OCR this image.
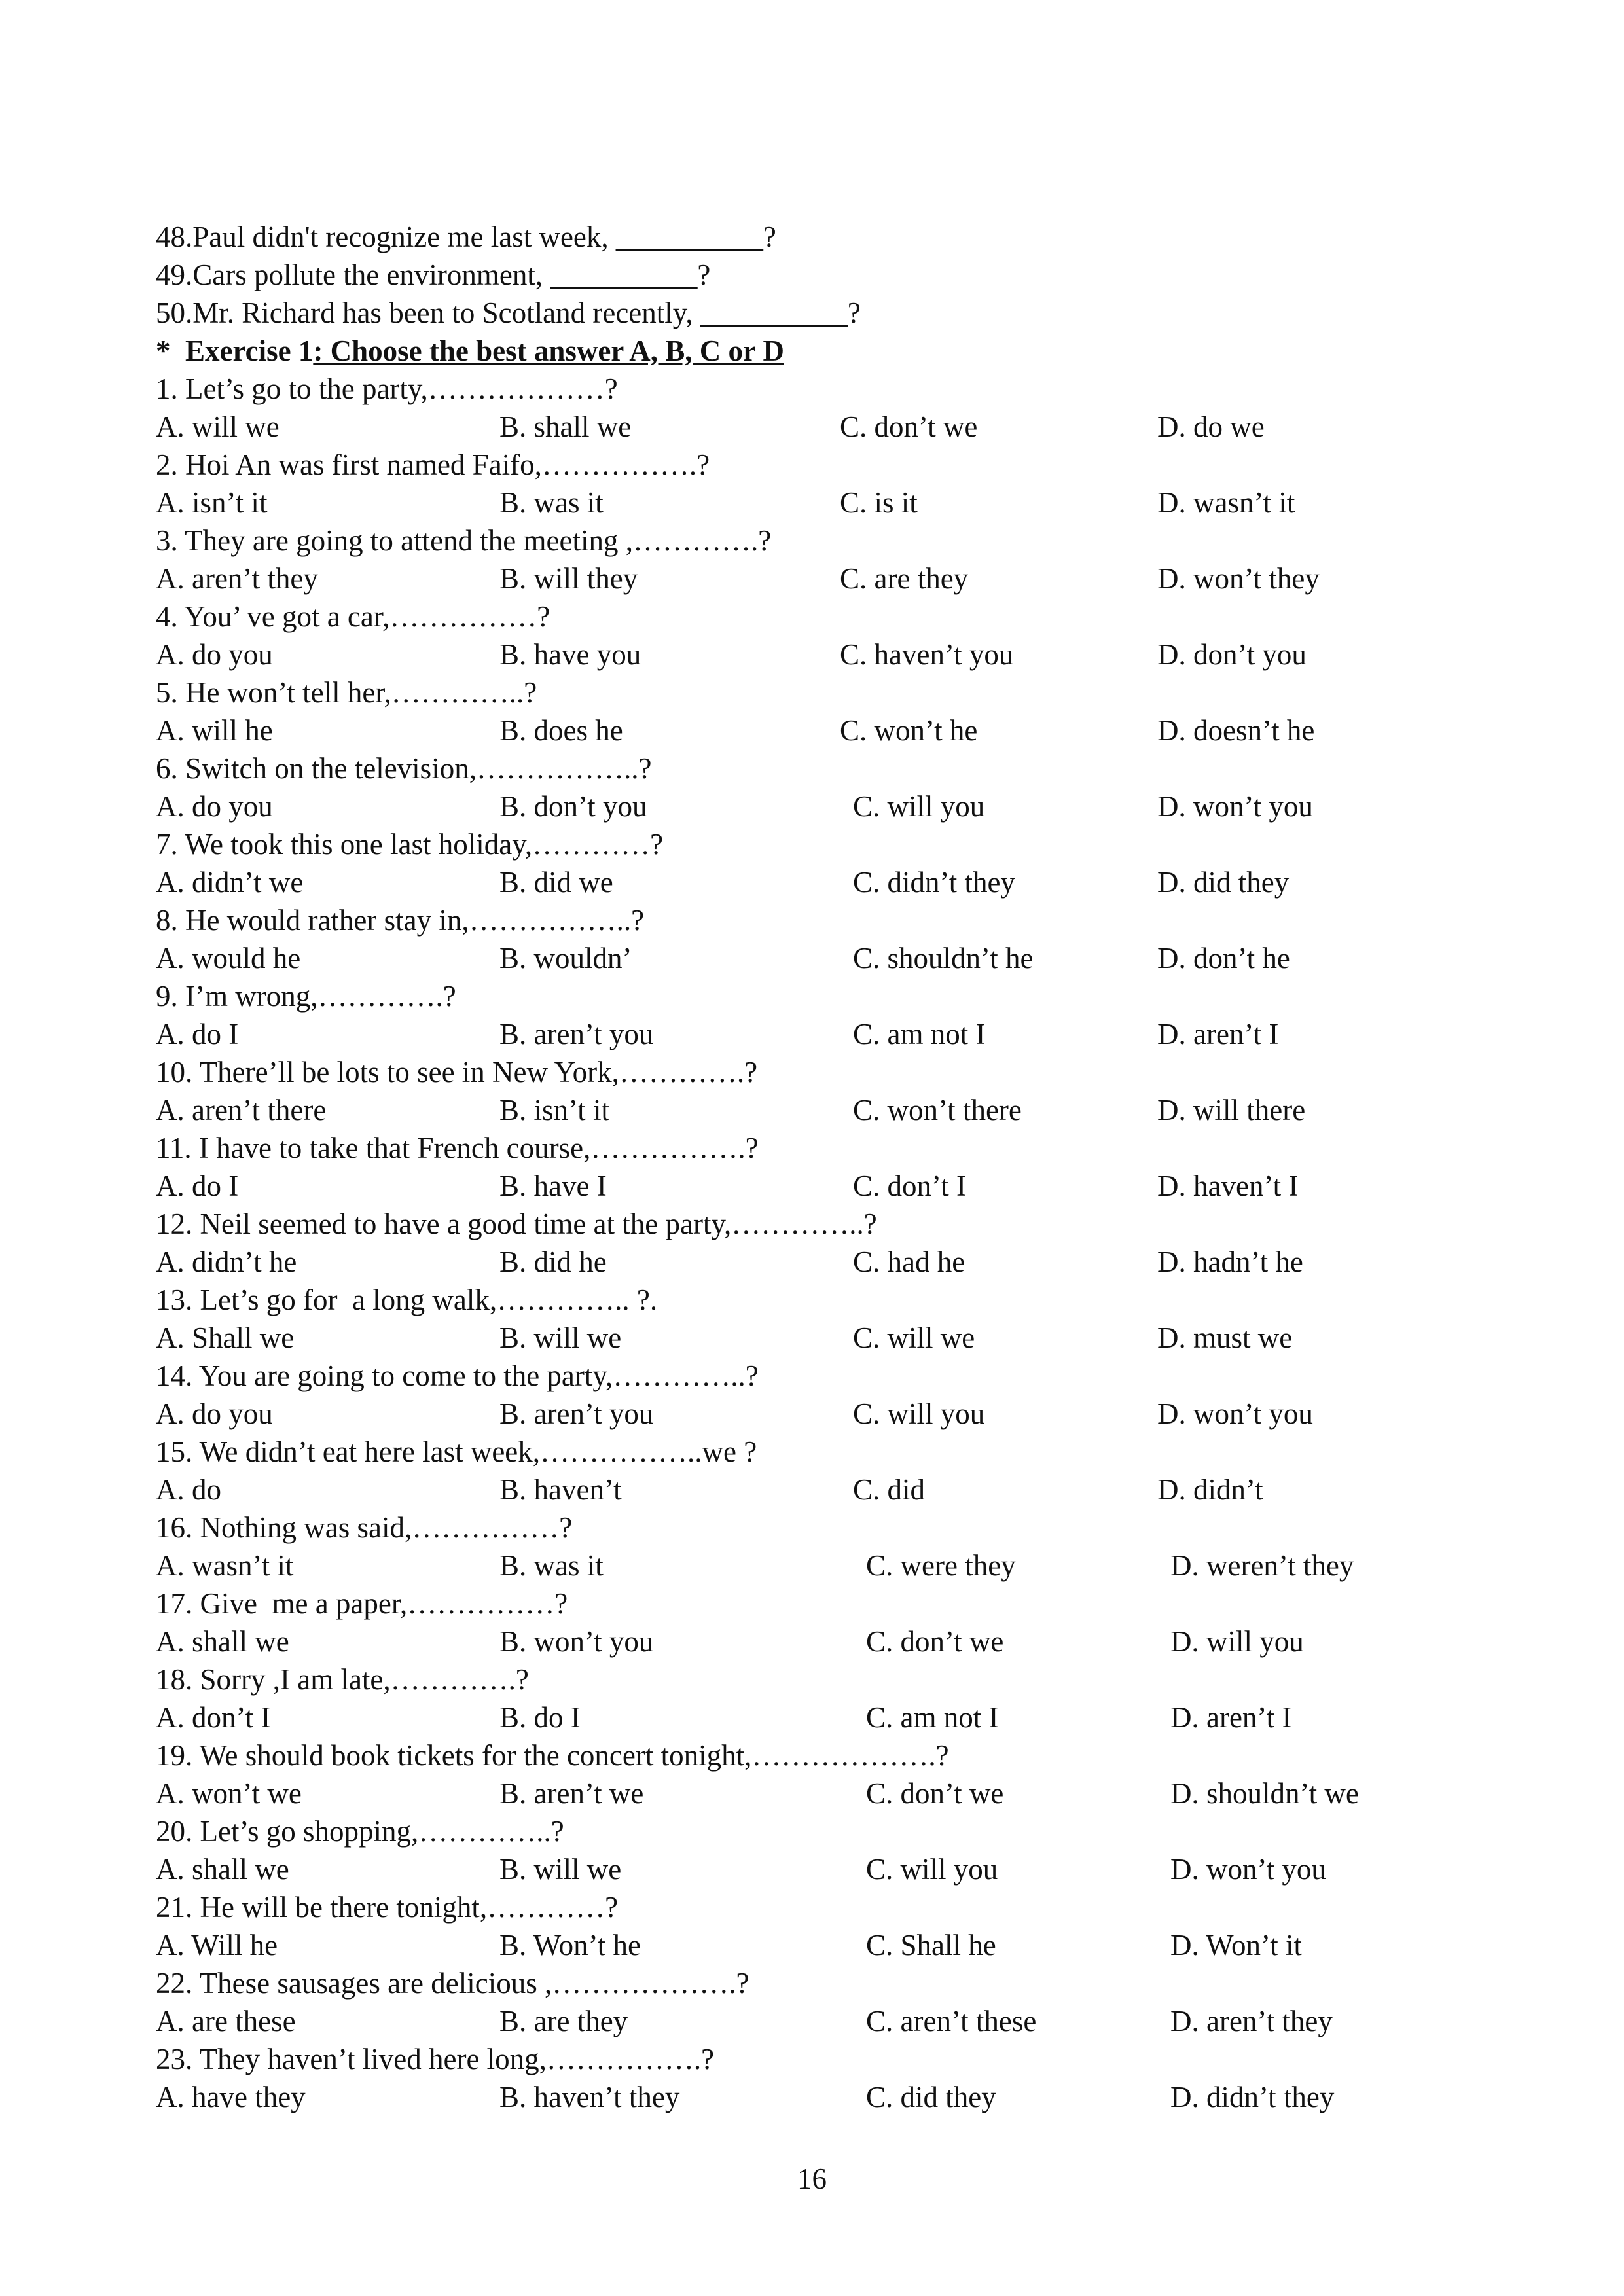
48.Paul didn't recognize me last week, __________?
49.Cars pollute the environment, __________?
50.Mr. Richard has been to Scotland recently, __________?
*  Exercise 1: Choose the best answer A, B, C or D
1. Let’s go to the party,………………?
A. will we	B. shall we	C. don’t we	D. do we
2. Hoi An was first named Faifo,…………….?
A. isn’t it	B. was it	C. is it	D. wasn’t it
3. They are going to attend the meeting ,………….?
A. aren’t they	B. will they	C. are they	D. won’t they
4. You’ ve got a car,……………?
A. do you	B. have you	C. haven’t you	D. don’t you
5. He won’t tell her,…………..?
A. will he	B. does he	C. won’t he	D. doesn’t he
6. Switch on the television,……………..?
A. do you	B. don’t you	C. will you	D. won’t you
7. We took this one last holiday,…………?
A. didn’t we	B. did we	C. didn’t they	D. did they
8. He would rather stay in,……………..?
A. would he	B. wouldn’	C. shouldn’t he	D. don’t he
9. I’m wrong,………….?
A. do I	B. aren’t you	C. am not I	D. aren’t I
10. There’ll be lots to see in New York,………….?
A. aren’t there	B. isn’t it	C. won’t there	D. will there
11. I have to take that French course,…………….?
A. do I	B. have I	C. don’t I	D. haven’t I
12. Neil seemed to have a good time at the party,…………..?
A. didn’t he	B. did he	C. had he	D. hadn’t he
13. Let’s go for  a long walk,………….. ?.
A. Shall we	B. will we	C. will we	D. must we
14. You are going to come to the party,…………..?
A. do you	B. aren’t you	C. will you	D. won’t you
15. We didn’t eat here last week,……………..we ?
A. do	B. haven’t	C. did	D. didn’t
16. Nothing was said,……………?
A. wasn’t it	B. was it	C. were they	D. weren’t they
17. Give  me a paper,……………?
A. shall we	B. won’t you	C. don’t we	D. will you
18. Sorry ,I am late,………….?
A. don’t I	B. do I	C. am not I	D. aren’t I
19. We should book tickets for the concert tonight,……………….?
A. won’t we	B. aren’t we	C. don’t we	D. shouldn’t we
20. Let’s go shopping,…………..?
A. shall we	B. will we	C. will you	D. won’t you
21. He will be there tonight,…………?
A. Will he	B. Won’t he	C. Shall he	D. Won’t it
22. These sausages are delicious ,……………….?
A. are these	B. are they	C. aren’t these	D. aren’t they
23. They haven’t lived here long,…………….?
A. have they	B. haven’t they	C. did they	D. didn’t they
16
